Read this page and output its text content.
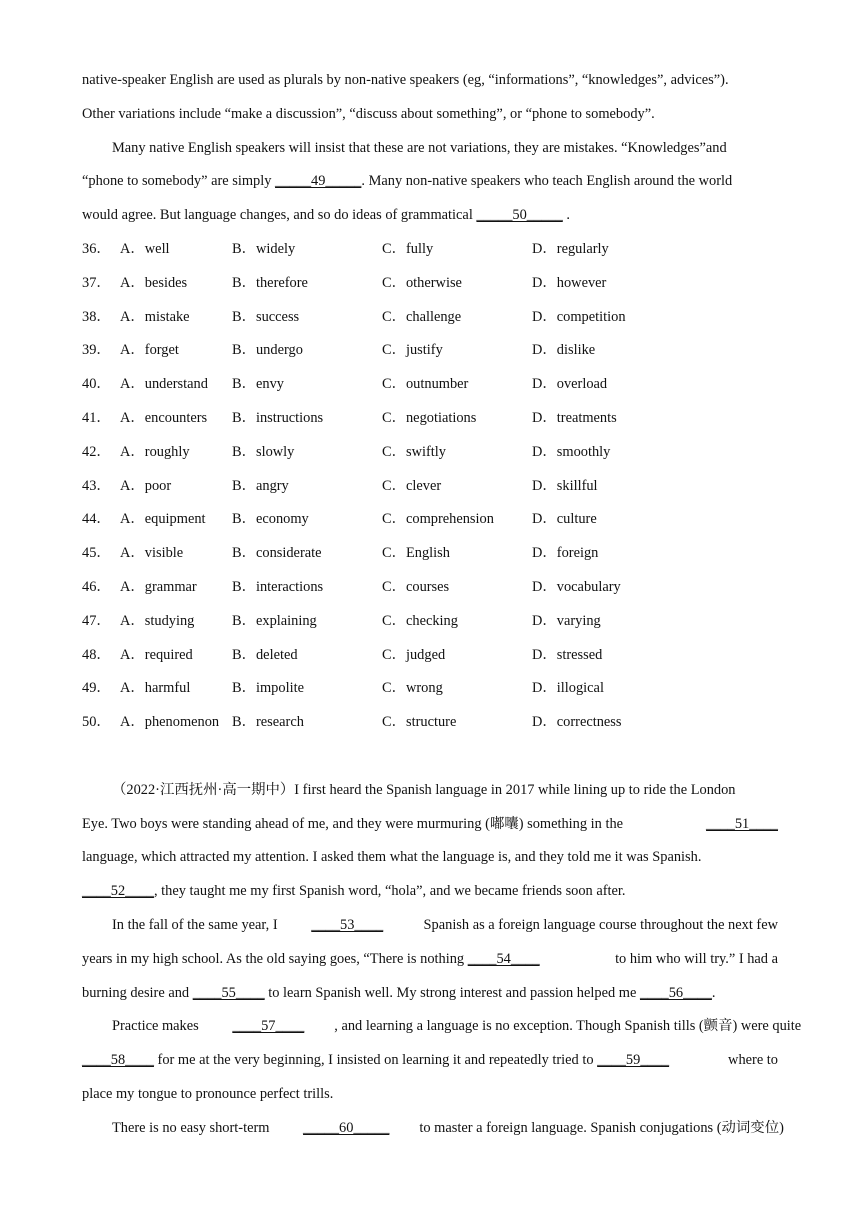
native-speaker English are used as plurals by non-native speakers (eg, “informations”, “knowledges”, advices”).
Other variations include “make a discussion”, “discuss about something”, or “phone to somebody”.
Many native English speakers will insist that these are not variations, they are mistakes. “Knowledges”and
“phone to somebody” are simply _____49_____. Many non-native speakers who teach English around the world
would agree. But language changes, and so do ideas of grammatical _____50_____ .
36． A．well	B．widely	C．fully	D．regularly
37． A．besides	B．therefore	C．otherwise	D．however
38． A．mistake	B．success	C．challenge	D．competition
39． A．forget	B．undergo	C．justify	D．dislike
40． A．understand B．envy	C．outnumber	D．overload
41． A．encounters B．instructions	C．negotiations	D．treatments
42． A．roughly	B．slowly	C．swiftly	D．smoothly
43． A．poor	B．angry	C．clever	D．skillful
44． A．equipment B．economy	C．comprehension	D．culture
45． A．visible	B．considerate	C．English	D．foreign
46． A．grammar B．interactions	C．courses	D．vocabulary
47． A．studying	B．explaining	C．checking	D．varying
48． A．required	B．deleted	C．judged	D．stressed
49． A．harmful	B．impolite	C．wrong	D．illogical
50． A．phenomenon B．research	C．structure	D．correctness
（2022·江西抚州·高一期中）I first heard the Spanish language in 2017 while lining up to ride the London
Eye. Two boys were standing ahead of me, and they were murmuring (嘟囔) something in the	____51____
language, which attracted my attention. I asked them what the language is, and they told me it was Spanish.
____52____, they taught me my first Spanish word, “hola”, and we became friends soon after.
In the fall of the same year, I ____53____	Spanish as a foreign language course throughout the next few
years in my high school. As the old saying goes, “There is nothing ____54____	to him who will try.” I had a
burning desire and ____55____ to learn Spanish well. My strong interest and passion helped me ____56____.
Practice makes ____57____	, and learning a language is no exception. Though Spanish tills (颤音) were quite
____58____ for me at the very beginning, I insisted on learning it and repeatedly tried to ____59____	where to
place my tongue to pronounce perfect trills.
There is no easy short-term _____60_____	to master a foreign language. Spanish conjugations (动词变位)
